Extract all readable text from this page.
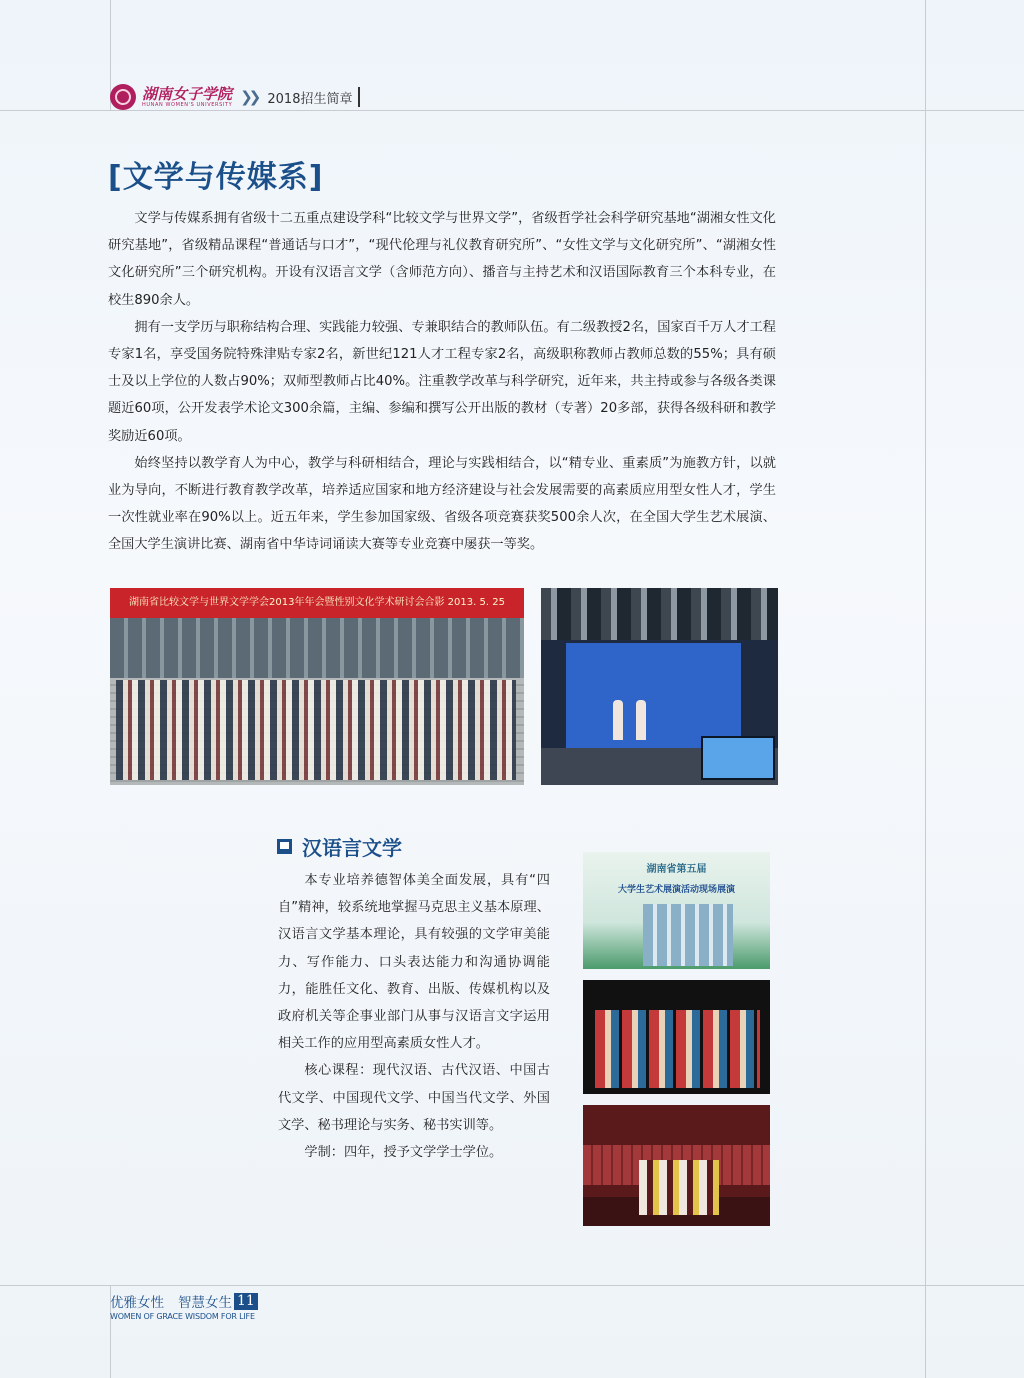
湖南女子学院
HUNAN WOMEN'S UNIVERSITY ❯❯ 2018招生简章
[文学与传媒系]

文学与传媒系拥有省级十二五重点建设学科“比较文学与世界文学”，省级哲学社会科学研究基地“湖湘女性文化研究基地”，省级精品课程“普通话与口才”，“现代伦理与礼仪教育研究所”、“女性文学与文化研究所”、“湖湘女性文化研究所”三个研究机构。开设有汉语言文学（含师范方向）、播音与主持艺术和汉语国际教育三个本科专业，在校生890余人。

拥有一支学历与职称结构合理、实践能力较强、专兼职结合的教师队伍。有二级教授2名，国家百千万人才工程专家1名，享受国务院特殊津贴专家2名，新世纪121人才工程专家2名，高级职称教师占教师总数的55%；具有硕士及以上学位的人数占90%；双师型教师占比40%。注重教学改革与科学研究，近年来，共主持或参与各级各类课题近60项，公开发表学术论文300余篇，主编、参编和撰写公开出版的教材（专著）20多部，获得各级科研和教学奖励近60项。

始终坚持以教学育人为中心，教学与科研相结合，理论与实践相结合，以“精专业、重素质”为施教方针，以就业为导向，不断进行教育教学改革，培养适应国家和地方经济建设与社会发展需要的高素质应用型女性人才，学生一次性就业率在90%以上。近五年来，学生参加国家级、省级各项竞赛获奖500余人次，在全国大学生艺术展演、全国大学生演讲比赛、湖南省中华诗词诵读大赛等专业竞赛中屡获一等奖。

湖南省比较文学与世界文学学会2013年年会暨性别文化学术研讨会合影 2013. 5. 25
汉语言文学

本专业培养德智体美全面发展，具有“四自”精神，较系统地掌握马克思主义基本原理、汉语言文学基本理论，具有较强的文学审美能力、写作能力、口头表达能力和沟通协调能力，能胜任文化、教育、出版、传媒机构以及政府机关等企事业部门从事与汉语言文字运用相关工作的应用型高素质女性人才。

核心课程：现代汉语、古代汉语、中国古代文学、中国现代文学、中国当代文学、外国文学、秘书理论与实务、秘书实训等。

学制：四年，授予文学学士学位。

湖南省第五届
大学生艺术展演活动现场展演
优雅女性 智慧女生 11
WOMEN OF GRACE WISDOM FOR LIFE
